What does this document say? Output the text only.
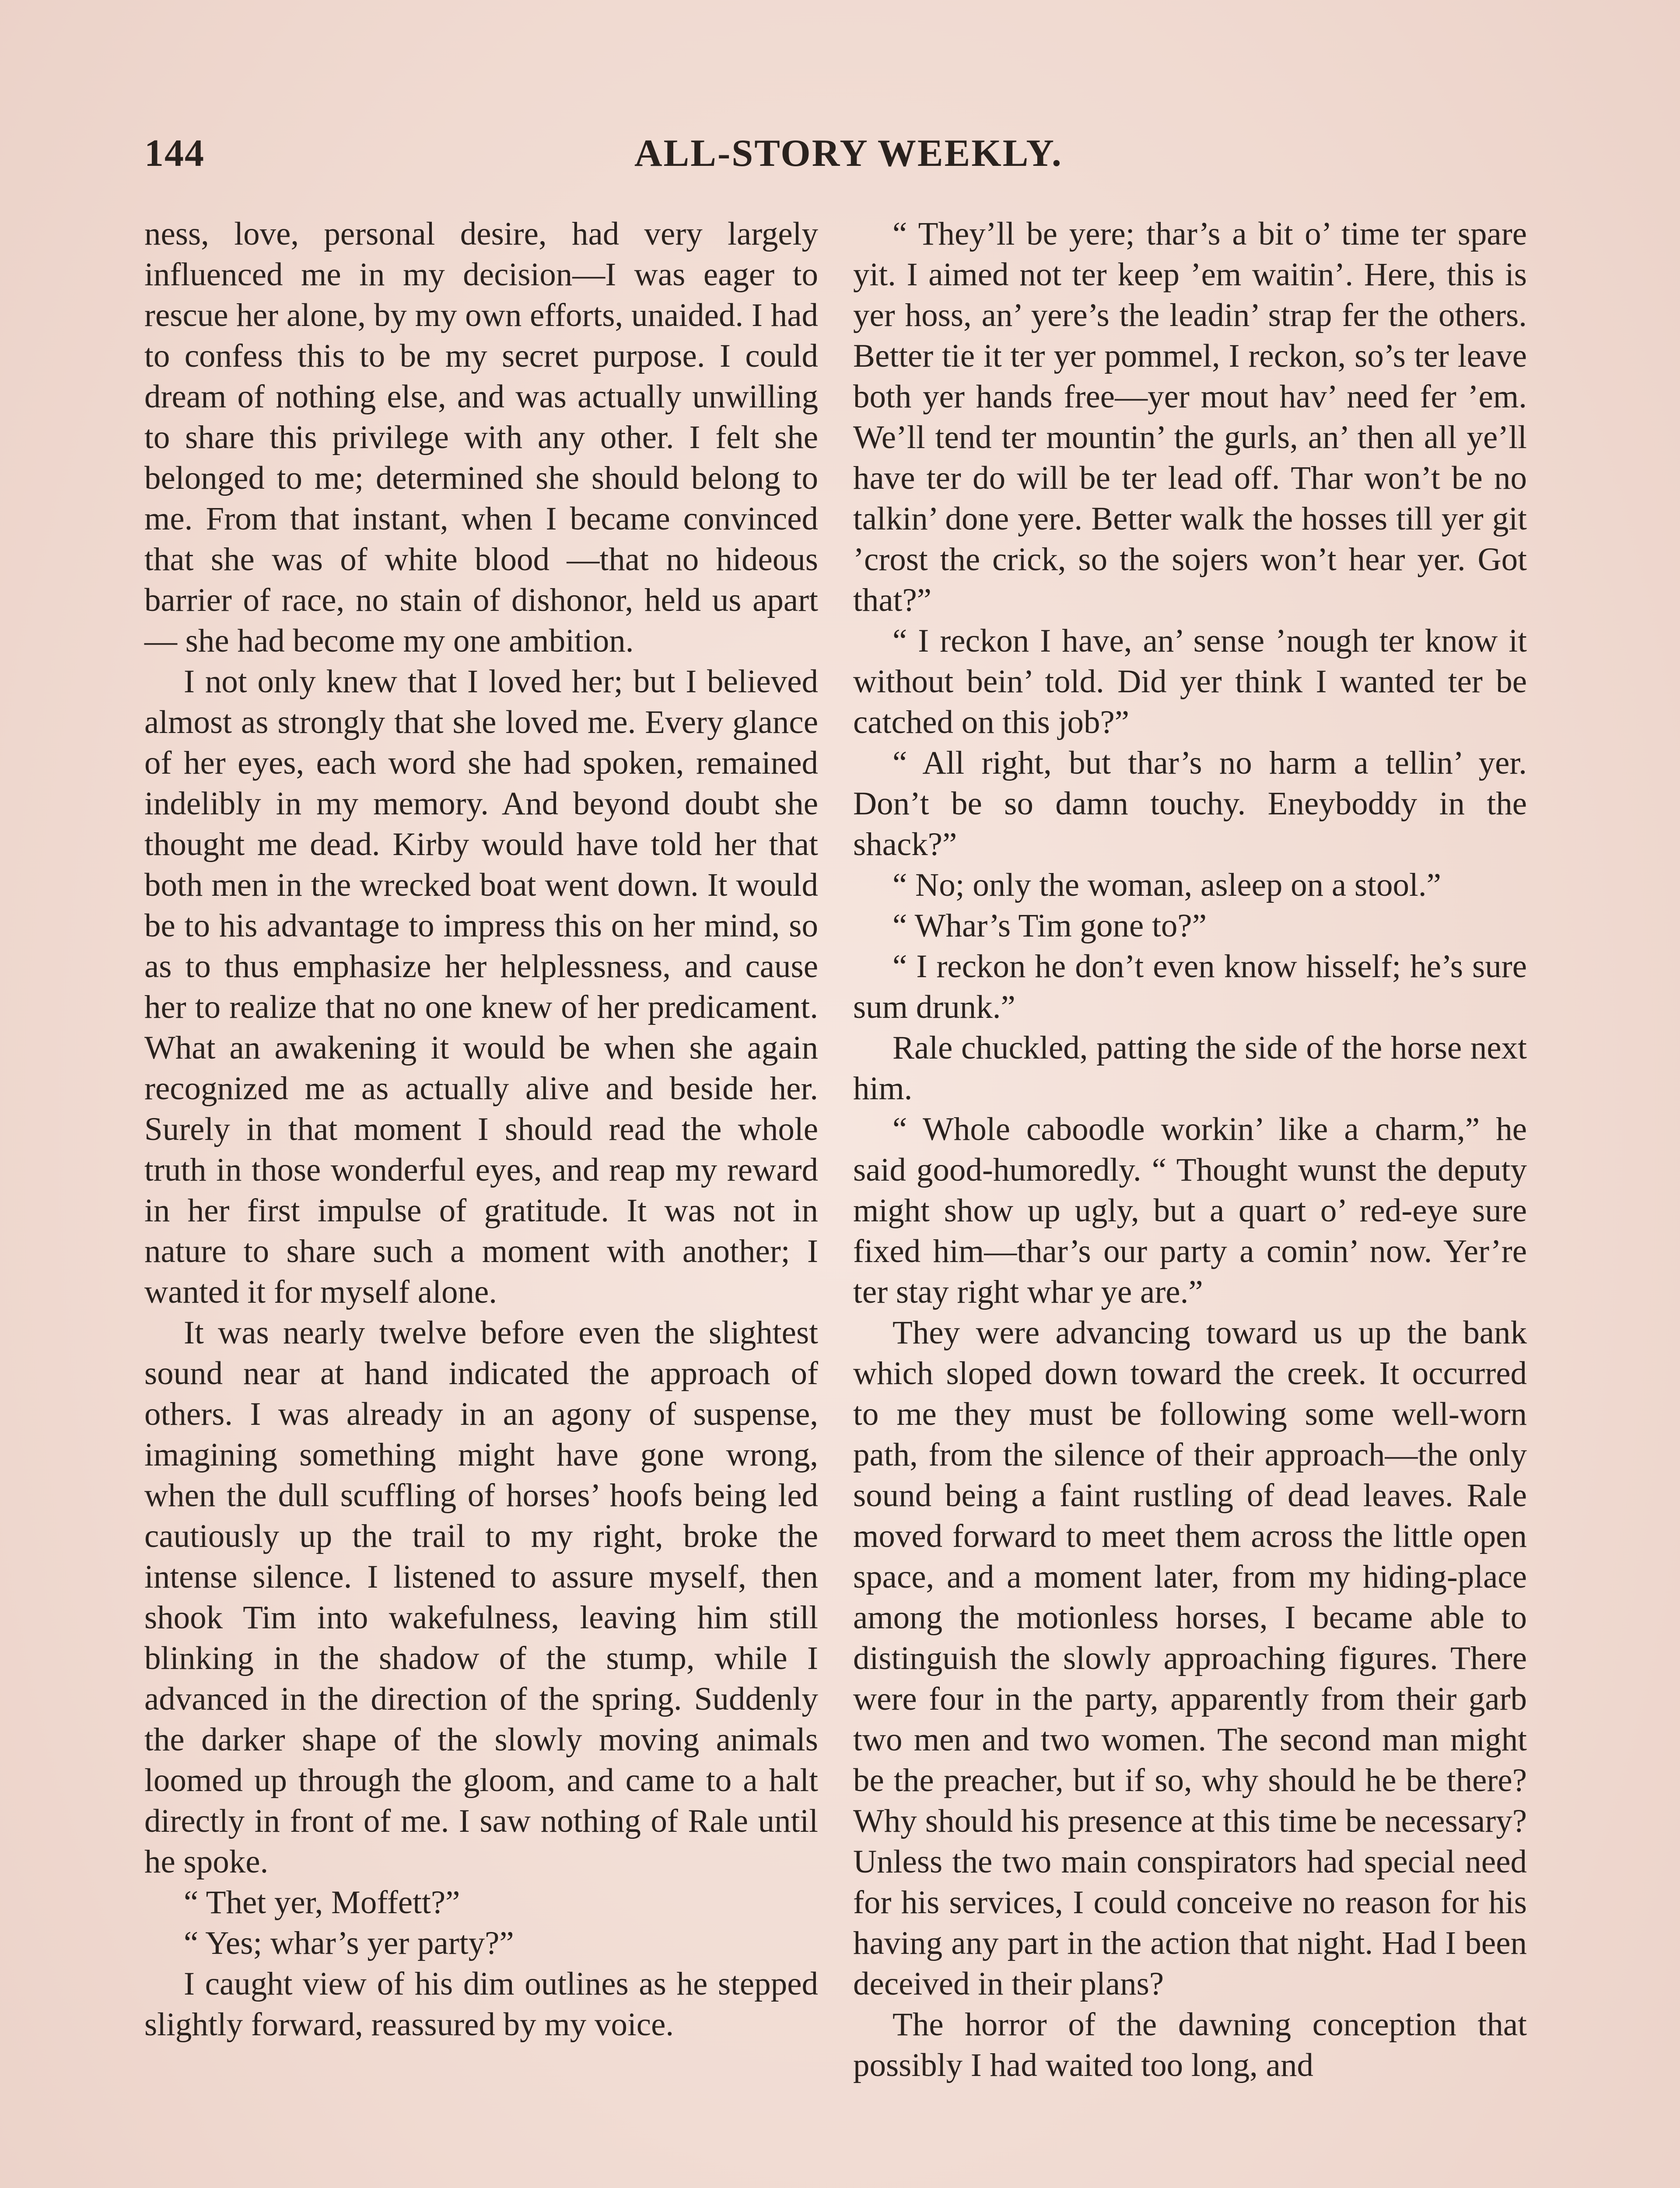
144	ALL-STORY WEEKLY.

ness, love, personal desire, had very largely influenced me in my decision—I was eager to rescue her alone, by my own efforts, unaided. I had to confess this to be my secret purpose. I could dream of nothing else, and was actually unwilling to share this privilege with any other. I felt she belonged to me; determined she should belong to me. From that instant, when I became convinced that she was of white blood —that no hideous barrier of race, no stain of dishonor, held us apart — she had become my one ambition.

I not only knew that I loved her; but I believed almost as strongly that she loved me. Every glance of her eyes, each word she had spoken, remained indelibly in my memory. And beyond doubt she thought me dead. Kirby would have told her that both men in the wrecked boat went down. It would be to his advantage to impress this on her mind, so as to thus emphasize her helplessness, and cause her to realize that no one knew of her predicament. What an awakening it would be when she again recognized me as actually alive and beside her. Surely in that moment I should read the whole truth in those wonderful eyes, and reap my reward in her first impulse of gratitude. It was not in nature to share such a moment with another; I wanted it for myself alone.

It was nearly twelve before even the slightest sound near at hand indicated the approach of others. I was already in an agony of suspense, imagining something might have gone wrong, when the dull scuffling of horses’ hoofs being led cautiously up the trail to my right, broke the intense silence. I listened to assure myself, then shook Tim into wakefulness, leaving him still blinking in the shadow of the stump, while I advanced in the direction of the spring. Suddenly the darker shape of the slowly moving animals loomed up through the gloom, and came to a halt directly in front of me. I saw nothing of Rale until he spoke.

“ Thet yer, Moffett?”

“ Yes; whar’s yer party?”

I caught view of his dim outlines as he stepped slightly forward, reassured by my voice.

“ They’ll be yere; thar’s a bit o’ time ter spare yit. I aimed not ter keep ’em waitin’. Here, this is yer hoss, an’ yere’s the leadin’ strap fer the others. Better tie it ter yer pommel, I reckon, so’s ter leave both yer hands free—yer mout hav’ need fer ’em. We’ll tend ter mountin’ the gurls, an’ then all ye’ll have ter do will be ter lead off. Thar won’t be no talkin’ done yere. Better walk the hosses till yer git ’crost the crick, so the sojers won’t hear yer. Got that?”

“ I reckon I have, an’ sense ’nough ter know it without bein’ told. Did yer think I wanted ter be catched on this job?”

“ All right, but thar’s no harm a tellin’ yer. Don’t be so damn touchy. Eneyboddy in the shack?”

“ No; only the woman, asleep on a stool.”

“ Whar’s Tim gone to?”

“ I reckon he don’t even know hisself; he’s sure sum drunk.”

Rale chuckled, patting the side of the horse next him.

“ Whole caboodle workin’ like a charm,” he said good-humoredly. “ Thought wunst the deputy might show up ugly, but a quart o’ red-eye sure fixed him—thar’s our party a comin’ now. Yer’re ter stay right whar ye are.”

They were advancing toward us up the bank which sloped down toward the creek. It occurred to me they must be following some well-worn path, from the silence of their approach—the only sound being a faint rustling of dead leaves. Rale moved forward to meet them across the little open space, and a moment later, from my hiding-place among the motionless horses, I became able to distinguish the slowly approaching figures. There were four in the party, apparently from their garb two men and two women. The second man might be the preacher, but if so, why should he be there? Why should his presence at this time be necessary? Unless the two main conspirators had special need for his services, I could conceive no reason for his having any part in the action that night. Had I been deceived in their plans?

The horror of the dawning conception that possibly I had waited too long, and
